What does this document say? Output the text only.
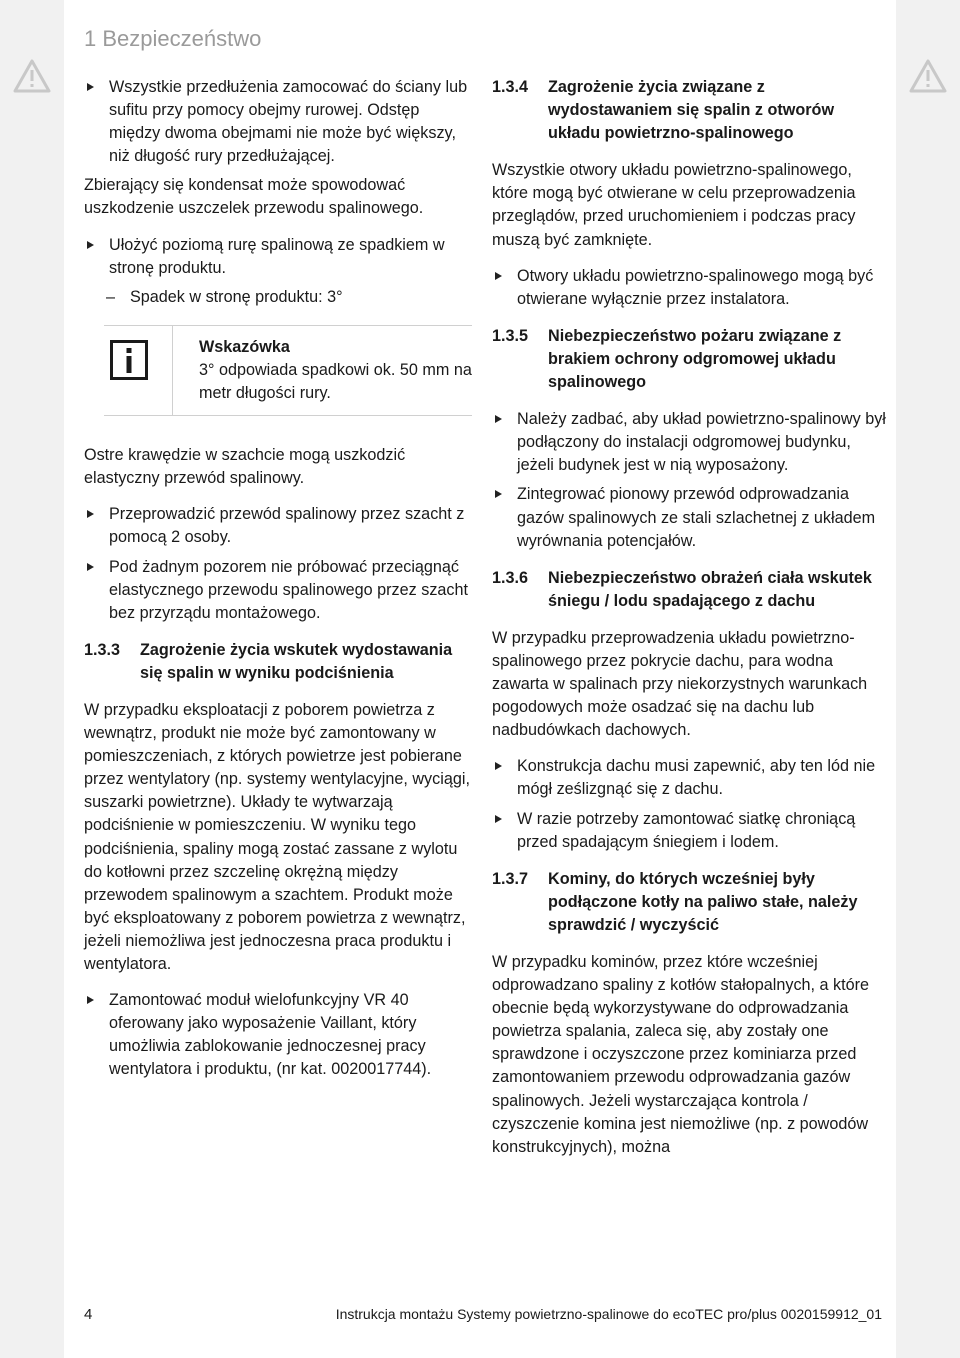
1 Bezpieczeństwo
Wszystkie przedłużenia zamocować do ściany lub sufitu przy pomocy obejmy rurowej. Odstęp między dwoma obejmami nie może być większy, niż długość rury przedłużającej.

Zbierający się kondensat może spowodować uszkodzenie uszczelek przewodu spalinowego.

Ułożyć poziomą rurę spalinową ze spadkiem w stronę produktu.
– Spadek w stronę produktu: 3°
Wskazówka
3° odpowiada spadkowi ok. 50 mm na metr długości rury.

Ostre krawędzie w szachcie mogą uszkodzić elastyczny przewód spalinowy.

Przeprowadzić przewód spalinowy przez szacht z pomocą 2 osoby.
Pod żadnym pozorem nie próbować przeciągnąć elastycznego przewodu spalinowego przez szacht bez przyrządu montażowego.
1.3.3 Zagrożenie życia wskutek wydostawania się spalin w wyniku podciśnienia

W przypadku eksploatacji z poborem powietrza z wewnątrz, produkt nie może być zamontowany w pomieszczeniach, z których powietrze jest pobierane przez wentylatory (np. systemy wentylacyjne, wyciągi, suszarki powietrzne). Układy te wytwarzają podciśnienie w pomieszczeniu. W wyniku tego podciśnienia, spaliny mogą zostać zassane z wylotu do kotłowni przez szczelinę okrężną między przewodem spalinowym a szachtem. Produkt może być eksploatowany z poborem powietrza z wewnątrz, jeżeli niemożliwa jest jednoczesna praca produktu i wentylatora.

Zamontować moduł wielofunkcyjny VR 40 oferowany jako wyposażenie Vaillant, który umożliwia zablokowanie jednoczesnej pracy wentylatora i produktu, (nr kat. 0020017744).
1.3.4 Zagrożenie życia związane z wydostawaniem się spalin z otworów układu powietrzno-spalinowego

Wszystkie otwory układu powietrzno-spalinowego, które mogą być otwierane w celu przeprowadzenia przeglądów, przed uruchomieniem i podczas pracy muszą być zamknięte.

Otwory układu powietrzno-spalinowego mogą być otwierane wyłącznie przez instalatora.
1.3.5 Niebezpieczeństwo pożaru związane z brakiem ochrony odgromowej układu spalinowego
Należy zadbać, aby układ powietrzno-spalinowy był podłączony do instalacji odgromowej budynku, jeżeli budynek jest w nią wyposażony.
Zintegrować pionowy przewód odprowadzania gazów spalinowych ze stali szlachetnej z układem wyrównania potencjałów.
1.3.6 Niebezpieczeństwo obrażeń ciała wskutek śniegu / lodu spadającego z dachu

W przypadku przeprowadzenia układu powietrzno-spalinowego przez pokrycie dachu, para wodna zawarta w spalinach przy niekorzystnych warunkach pogodowych może osadzać się na dachu lub nadbudówkach dachowych.

Konstrukcja dachu musi zapewnić, aby ten lód nie mógł ześlizgnąć się z dachu.
W razie potrzeby zamontować siatkę chroniącą przed spadającym śniegiem i lodem.
1.3.7 Kominy, do których wcześniej były podłączone kotły na paliwo stałe, należy sprawdzić / wyczyścić

W przypadku kominów, przez które wcześniej odprowadzano spaliny z kotłów stałopalnych, a które obecnie będą wykorzystywane do odprowadzania powietrza spalania, zaleca się, aby zostały one sprawdzone i oczyszczone przez kominiarza przed zamontowaniem przewodu odprowadzania gazów spalinowych. Jeżeli wystarczająca kontrola / czyszczenie komina jest niemożliwe (np. z powodów konstrukcyjnych), można

4	Instrukcja montażu Systemy powietrzno-spalinowe do ecoTEC pro/plus 0020159912_01
